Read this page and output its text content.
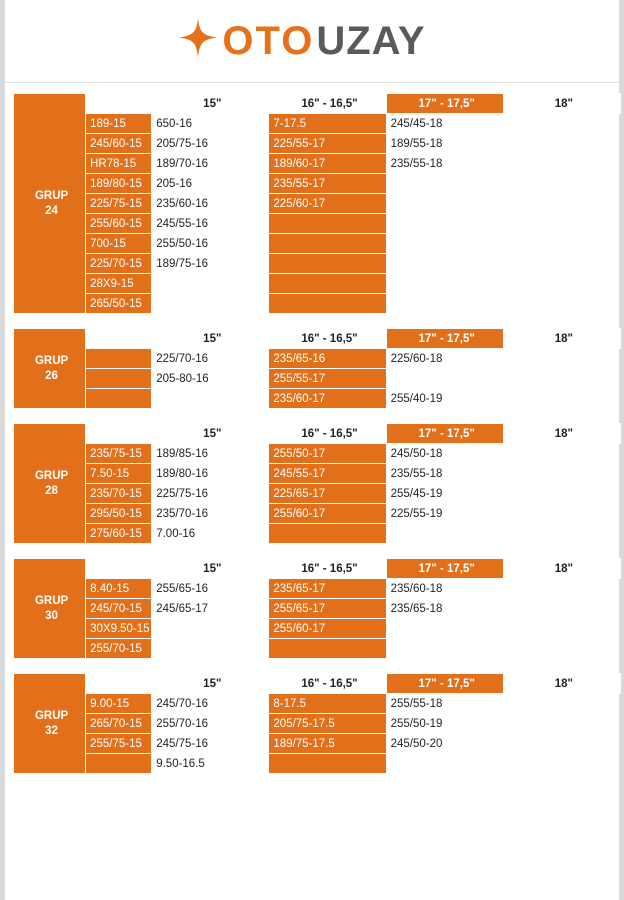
OTO UZAY
GRUP
24		15"	16" - 16,5"	17" - 17,5"	18"
	189-15	650-16	7-17.5	245/45-18	
	245/60-15	205/75-16	225/55-17	189/55-18	
	HR78-15	189/70-16	189/60-17	235/55-18	
	189/80-15	205-16	235/55-17		
	225/75-15	235/60-16	225/60-17		
	255/60-15	245/55-16			
	700-15	255/50-16			
	225/70-15	189/75-16			
	28X9-15				
	265/50-15				
GRUP
26		15"	16" - 16,5"	17" - 17,5"	18"
		225/70-16	235/65-16	225/60-18	
		205-80-16	255/55-17		
			235/60-17	255/40-19	
GRUP
28		15"	16" - 16,5"	17" - 17,5"	18"
	235/75-15	189/85-16	255/50-17	245/50-18	
	7.50-15	189/80-16	245/55-17	235/55-18	
	235/70-15	225/75-16	225/65-17	255/45-19	
	295/50-15	235/70-16	255/60-17	225/55-19	
	275/60-15	7.00-16			
GRUP
30		15"	16" - 16,5"	17" - 17,5"	18"
	8.40-15	255/65-16	235/65-17	235/60-18	
	245/70-15	245/65-17	255/65-17	235/65-18	
	30X9.50-15		255/60-17		
	255/70-15				
GRUP
32		15"	16" - 16,5"	17" - 17,5"	18"
	9.00-15	245/70-16	8-17.5	255/55-18	
	265/70-15	255/70-16	205/75-17.5	255/50-19	
	255/75-15	245/75-16	189/75-17.5	245/50-20	
		9.50-16.5			
